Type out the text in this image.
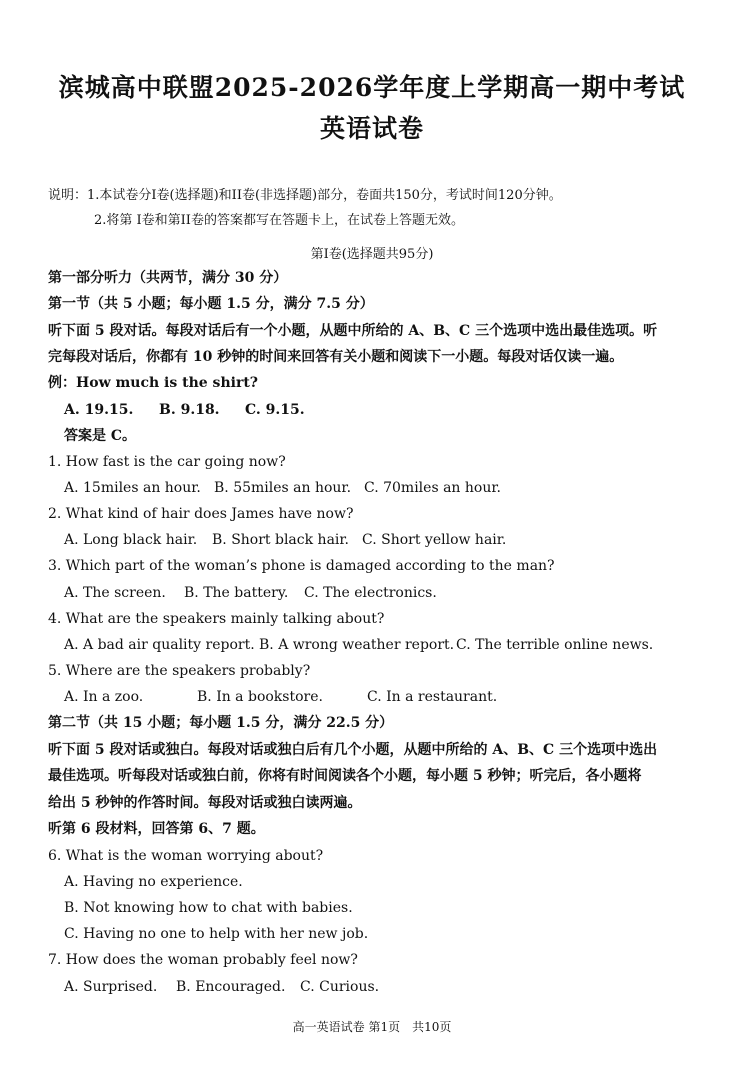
滨城高中联盟2025-2026学年度上学期高一期中考试
英语试卷
说明：1.本试卷分I卷(选择题)和II卷(非选择题)部分，卷面共150分，考试时间120分钟。
2.将第 I卷和第II卷的答案都写在答题卡上，在试卷上答题无效。
第I卷(选择题共95分)
第一部分听力（共两节，满分 30 分）
第一节（共 5 小题；每小题 1.5 分，满分 7.5 分）
听下面 5 段对话。每段对话后有一个小题，从题中所给的 A、B、C 三个选项中选出最佳选项。听
完每段对话后，你都有 10 秒钟的时间来回答有关小题和阅读下一小题。每段对话仅读一遍。
例：How much is the shirt?
A. 19.15. B. 9.18. C. 9.15.
答案是 C。
1. How fast is the car going now?
A. 15miles an hour. B. 55miles an hour. C. 70miles an hour.
2. What kind of hair does James have now?
A. Long black hair. B. Short black hair. C. Short yellow hair.
3. Which part of the woman’s phone is damaged according to the man?
A. The screen. B. The battery. C. The electronics.
4. What are the speakers mainly talking about?
A. A bad air quality report. B. A wrong weather report. C. The terrible online news.
5. Where are the speakers probably?
A. In a zoo.	B. In a bookstore.	C. In a restaurant.
第二节（共 15 小题；每小题 1.5 分，满分 22.5 分）
听下面 5 段对话或独白。每段对话或独白后有几个小题，从题中所给的 A、B、C 三个选项中选出
最佳选项。听每段对话或独白前，你将有时间阅读各个小题，每小题 5 秒钟；听完后，各小题将
给出 5 秒钟的作答时间。每段对话或独白读两遍。
听第 6 段材料，回答第 6、7 题。
6. What is the woman worrying about?
A. Having no experience.
B. Not knowing how to chat with babies.
C. Having no one to help with her new job.
7. How does the woman probably feel now?
A. Surprised. B. Encouraged. C. Curious.
高一英语试卷 第1页　共10页
